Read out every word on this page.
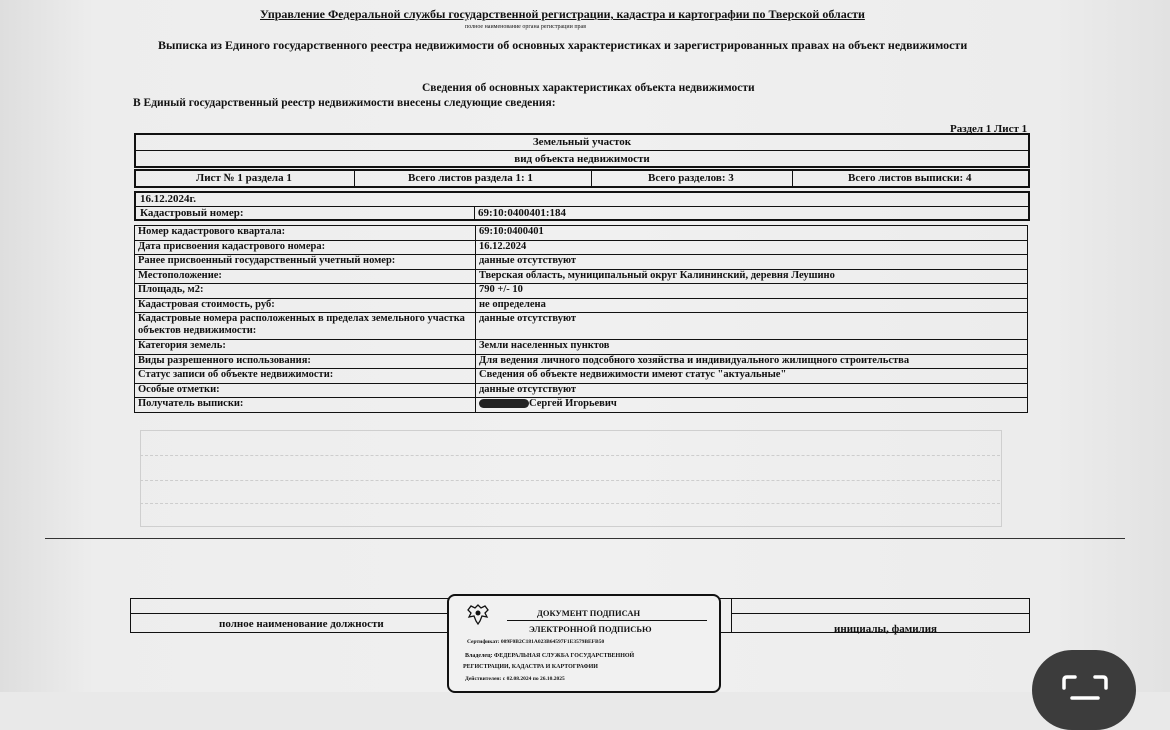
Управление Федеральной службы государственной регистрации, кадастра и картографии по Тверской области
полное наименование органа регистрации прав
Выписка из Единого государственного реестра недвижимости об основных характеристиках и зарегистрированных правах на объект недвижимости
Сведения об основных характеристиках объекта недвижимости
В Единый государственный реестр недвижимости внесены следующие сведения:
Раздел 1 Лист 1
Земельный участок
вид объекта недвижимости
Лист № 1 раздела 1	Всего листов раздела 1: 1	Всего разделов: 3	Всего листов выписки: 4
16.12.2024г.
Кадастровый номер:	69:10:0400401:184
Номер кадастрового квартала:	69:10:0400401
Дата присвоения кадастрового номера:	16.12.2024
Ранее присвоенный государственный учетный номер:	данные отсутствуют
Местоположение:	Тверская область, муниципальный округ Калининский, деревня Леушино
Площадь, м2:	790 +/- 10
Кадастровая стоимость, руб:	не определена
Кадастровые номера расположенных в пределах земельного участка объектов недвижимости:	данные отсутствуют
Категория земель:	Земли населенных пунктов
Виды разрешенного использования:	Для ведения личного подсобного хозяйства и индивидуального жилищного строительства
Статус записи об объекте недвижимости:	Сведения об объекте недвижимости имеют статус "актуальные"
Особые отметки:	данные отсутствуют
Получатель выписки:	Сергей Игорьевич
полное наименование должности	инициалы, фамилия
ДОКУМЕНТ ПОДПИСАН
ЭЛЕКТРОННОЙ ПОДПИСЬЮ
Сертификат: 009F0B2C181A023B64597F1E3579BEFB50
Владелец: ФЕДЕРАЛЬНАЯ СЛУЖБА ГОСУДАРСТВЕННОЙ
РЕГИСТРАЦИИ, КАДАСТРА И КАРТОГРАФИИ
Действителен: с 02.08.2024 по 26.10.2025
